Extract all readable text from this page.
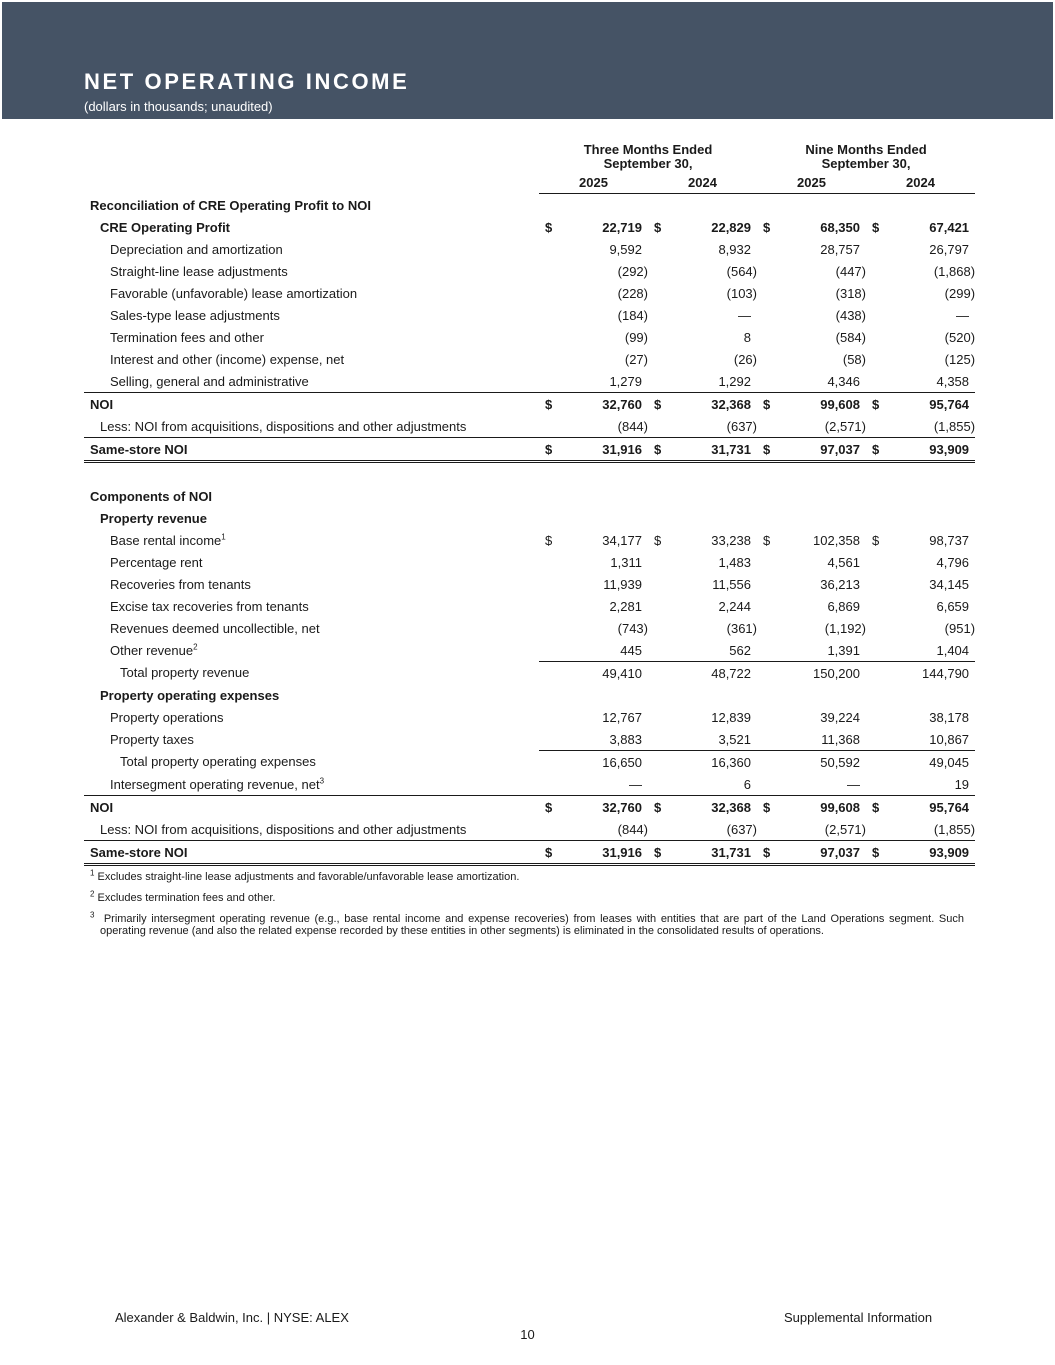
NET OPERATING INCOME
(dollars in thousands; unaudited)
	Three Months Ended
September 30,				Nine Months Ended
September 30,			
	2025		2024		2025		2024	
Reconciliation of CRE Operating Profit to NOI								
CRE Operating Profit	$	22,719	$	22,829	$	68,350	$	67,421
Depreciation and amortization		9,592		8,932		28,757		26,797
Straight-line lease adjustments		(292)		(564)		(447)		(1,868)
Favorable (unfavorable) lease amortization		(228)		(103)		(318)		(299)
Sales-type lease adjustments		(184)		—		(438)		—
Termination fees and other		(99)		8		(584)		(520)
Interest and other (income) expense, net		(27)		(26)		(58)		(125)
Selling, general and administrative		1,279		1,292		4,346		4,358
NOI	$	32,760	$	32,368	$	99,608	$	95,764
Less: NOI from acquisitions, dispositions and other adjustments		(844)		(637)		(2,571)		(1,855)
Same-store NOI	$	31,916	$	31,731	$	97,037	$	93,909

Components of NOI								
Property revenue								
Base rental income$^1$	$	34,177	$	33,238	$	102,358	$	98,737
Percentage rent		1,311		1,483		4,561		4,796
Recoveries from tenants		11,939		11,556		36,213		34,145
Excise tax recoveries from tenants		2,281		2,244		6,869		6,659
Revenues deemed uncollectible, net		(743)		(361)		(1,192)		(951)
Other revenue$^2$		445		562		1,391		1,404
Total property revenue		49,410		48,722		150,200		144,790
Property operating expenses								
Property operations		12,767		12,839		39,224		38,178
Property taxes		3,883		3,521		11,368		10,867
Total property operating expenses		16,650		16,360		50,592		49,045
Intersegment operating revenue, net$^3$		—		6		—		19
NOI	$	32,760	$	32,368	$	99,608	$	95,764
Less: NOI from acquisitions, dispositions and other adjustments		(844)		(637)		(2,571)		(1,855)
Same-store NOI	$	31,916	$	31,731	$	97,037	$	93,909

$^1$ Excludes straight-line lease adjustments and favorable/unfavorable lease amortization.

$^2$ Excludes termination fees and other.

$^3$ Primarily intersegment operating revenue (e.g., base rental income and expense recoveries) from leases with entities that are part of the Land Operations segment. Such operating revenue (and also the related expense recorded by these entities in other segments) is eliminated in the consolidated results of operations.

Alexander & Baldwin, Inc. | NYSE: ALEX	Supplemental Information
10
